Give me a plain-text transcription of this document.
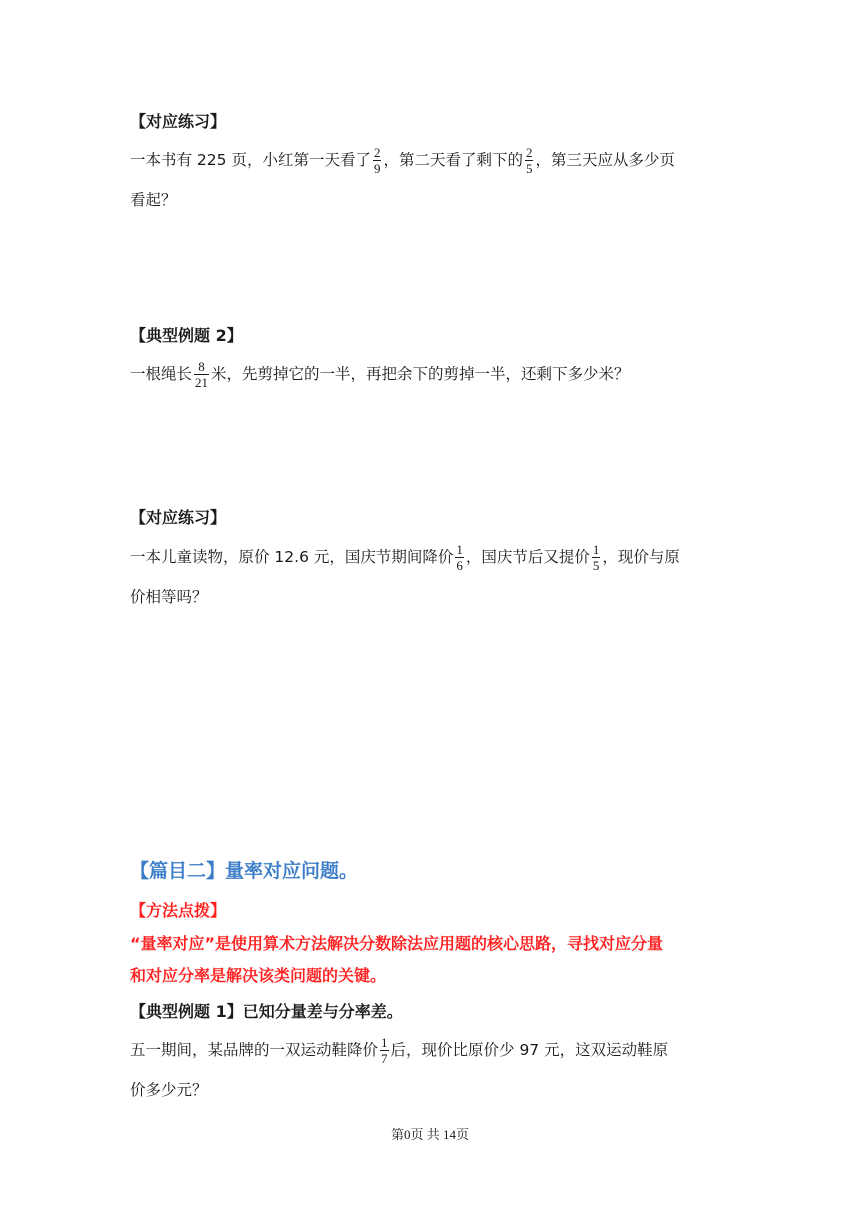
【对应练习】
一本书有 225 页，小红第一天看了 $\frac{2}{9}$ ，第二天看了剩下的 $\frac{2}{5}$ ，第三天应从多少页
看起？
【典型例题 2】
一根绳长 $\frac{8}{21}$ 米，先剪掉它的一半，再把余下的剪掉一半，还剩下多少米？
【对应练习】
一本儿童读物，原价 12.6 元，国庆节期间降价 $\frac{1}{6}$ ，国庆节后又提价 $\frac{1}{5}$ ，现价与原
价相等吗？
【篇目二】量率对应问题。
【方法点拨】
“量率对应”是使用算术方法解决分数除法应用题的核心思路，寻找对应分量
和对应分率是解决该类问题的关键。
【典型例题 1】已知分量差与分率差。
五一期间，某品牌的一双运动鞋降价 $\frac{1}{7}$ 后，现价比原价少 97 元，这双运动鞋原
价多少元？
第0页 共 14页
